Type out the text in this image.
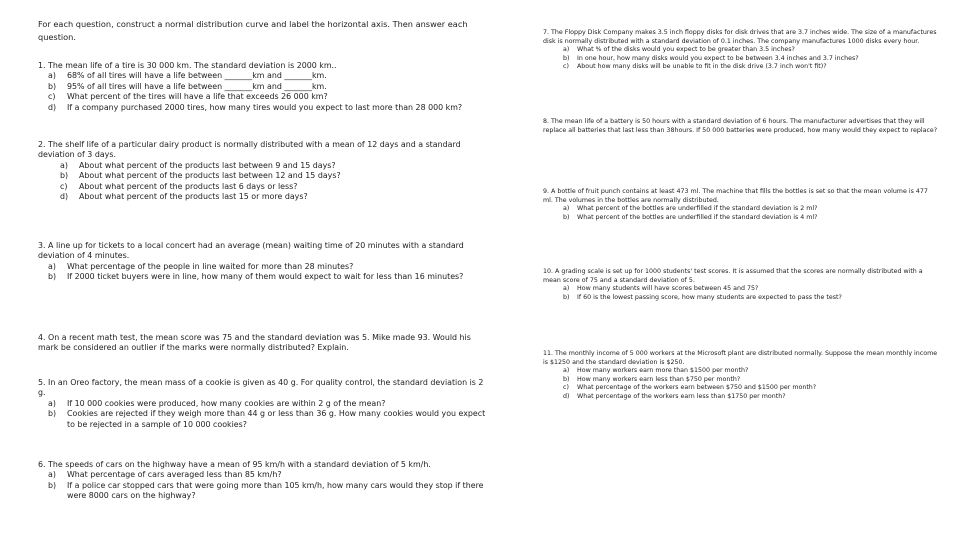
For each question, construct a normal distribution curve and label the horizontal axis. Then answer each question.

1. The mean life of a tire is 30 000 km. The standard deviation is 2000 km..

a) 68% of all tires will have a life between _______km and _______km.
b) 95% of all tires will have a life between _______km and _______km.
c) What percent of the tires will have a life that exceeds 26 000 km?
d) If a company purchased 2000 tires, how many tires would you expect to last more than 28 000 km?

2. The shelf life of a particular dairy product is normally distributed with a mean of 12 days and a standard deviation of 3 days.

a) About what percent of the products last between 9 and 15 days?
b) About what percent of the products last between 12 and 15 days?
c) About what percent of the products last 6 days or less?
d) About what percent of the products last 15 or more days?

3. A line up for tickets to a local concert had an average (mean) waiting time of 20 minutes with a standard deviation of 4 minutes.

a) What percentage of the people in line waited for more than 28 minutes?
b) If 2000 ticket buyers were in line, how many of them would expect to wait for less than 16 minutes?

4. On a recent math test, the mean score was 75 and the standard deviation was 5. Mike made 93. Would his mark be considered an outlier if the marks were normally distributed? Explain.

5. In an Oreo factory, the mean mass of a cookie is given as 40 g. For quality control, the standard deviation is 2 g.

a) If 10 000 cookies were produced, how many cookies are within 2 g of the mean?
b) Cookies are rejected if they weigh more than 44 g or less than 36 g. How many cookies would you expect to be rejected in a sample of 10 000 cookies?

6. The speeds of cars on the highway have a mean of 95 km/h with a standard deviation of 5 km/h.

a) What percentage of cars averaged less than 85 km/h?
b) If a police car stopped cars that were going more than 105 km/h, how many cars would they stop if there were 8000 cars on the highway?

7. The Floppy Disk Company makes 3.5 inch floppy disks for disk drives that are 3.7 inches wide. The size of a manufactures disk is normally distributed with a standard deviation of 0.1 inches. The company manufactures 1000 disks every hour.

a) What % of the disks would you expect to be greater than 3.5 inches?
b) In one hour, how many disks would you expect to be between 3.4 inches and 3.7 inches?
c) About how many disks will be unable to fit in the disk drive (3.7 inch won't fit)?

8. The mean life of a battery is 50 hours with a standard deviation of 6 hours. The manufacturer advertises that they will replace all batteries that last less than 38hours. If 50 000 batteries were produced, how many would they expect to replace?

9. A bottle of fruit punch contains at least 473 ml. The machine that fills the bottles is set so that the mean volume is 477 ml. The volumes in the bottles are normally distributed.

a) What percent of the bottles are underfilled if the standard deviation is 2 ml?
b) What percent of the bottles are underfilled if the standard deviation is 4 ml?

10. A grading scale is set up for 1000 students' test scores. It is assumed that the scores are normally distributed with a mean score of 75 and a standard deviation of 5.

a) How many students will have scores between 45 and 75?
b) If 60 is the lowest passing score, how many students are expected to pass the test?

11. The monthly income of 5 000 workers at the Microsoft plant are distributed normally. Suppose the mean monthly income is $1250 and the standard deviation is $250.

a) How many workers earn more than $1500 per month?
b) How many workers earn less than $750 per month?
c) What percentage of the workers earn between $750 and $1500 per month?
d) What percentage of the workers earn less than $1750 per month?
